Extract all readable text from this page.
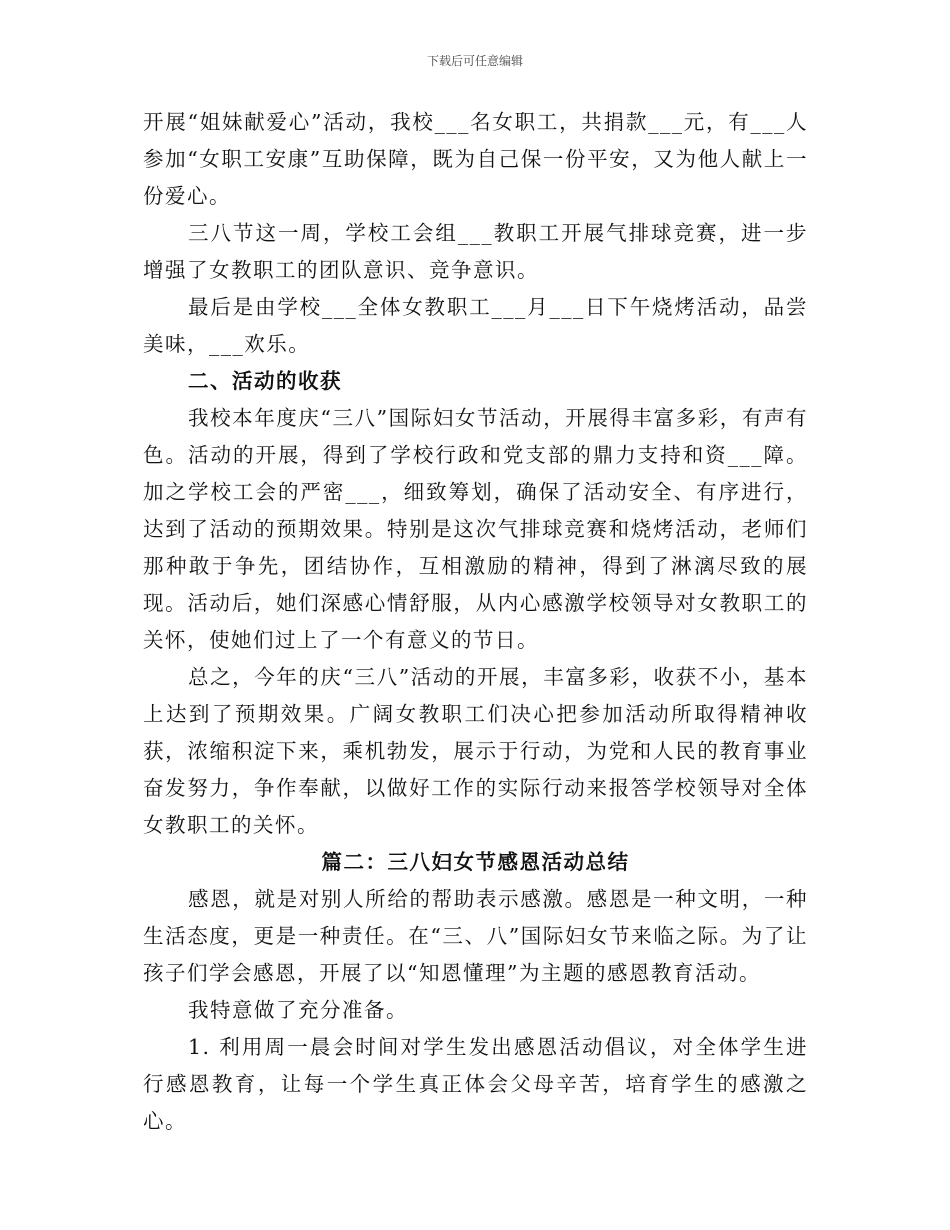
下载后可任意编辑

开展“姐妹献爱心”活动，我校___名女职工，共捐款___元，有___人参加“女职工安康”互助保障，既为自己保一份平安，又为他人献上一份爱心。

三八节这一周，学校工会组___教职工开展气排球竞赛，进一步增强了女教职工的团队意识、竞争意识。

最后是由学校___全体女教职工___月___日下午烧烤活动，品尝美味，___欢乐。

二、活动的收获

我校本年度庆“三八”国际妇女节活动，开展得丰富多彩，有声有色。活动的开展，得到了学校行政和党支部的鼎力支持和资___障。加之学校工会的严密___，细致筹划，确保了活动安全、有序进行，达到了活动的预期效果。特别是这次气排球竞赛和烧烤活动，老师们那种敢于争先，团结协作，互相激励的精神，得到了淋漓尽致的展现。活动后，她们深感心情舒服，从内心感激学校领导对女教职工的关怀，使她们过上了一个有意义的节日。

总之，今年的庆“三八”活动的开展，丰富多彩，收获不小，基本上达到了预期效果。广阔女教职工们决心把参加活动所取得精神收获，浓缩积淀下来，乘机勃发，展示于行动，为党和人民的教育事业奋发努力，争作奉献，以做好工作的实际行动来报答学校领导对全体女教职工的关怀。

篇二：三八妇女节感恩活动总结

感恩，就是对别人所给的帮助表示感激。感恩是一种文明，一种生活态度，更是一种责任。在“三、八”国际妇女节来临之际。为了让孩子们学会感恩，开展了以“知恩懂理”为主题的感恩教育活动。

我特意做了充分准备。

1. 利用周一晨会时间对学生发出感恩活动倡议，对全体学生进行感恩教育，让每一个学生真正体会父母辛苦，培育学生的感激之心。
